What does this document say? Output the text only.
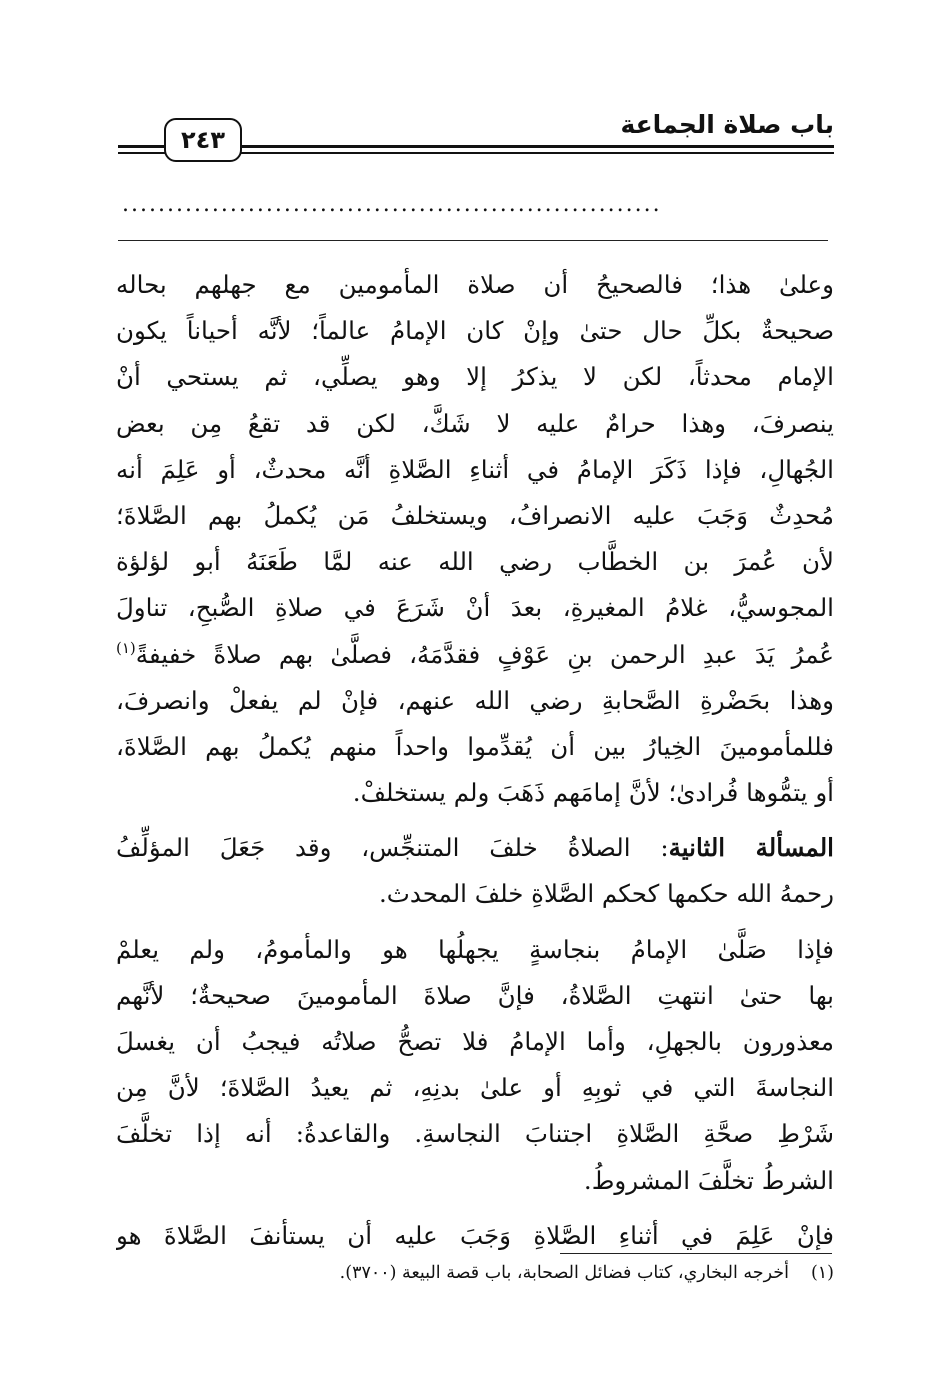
باب صلاة الجماعة
٢٤٣
............................................................
وعلىٰ هذا؛ فالصحيحُ أن صلاة المأمومين مع جهلهم بحاله
صحيحةٌ بكلِّ حال حتىٰ وإنْ كان الإمامُ عالماً؛ لأنَّه أحياناً يكون
الإمام محدثاً، لكن لا يذكرُ إلا وهو يصلِّي، ثم يستحي أنْ
ينصرفَ، وهذا حرامٌ عليه لا شَكَّ، لكن قد تقعُ مِن بعض
الجُهالِ، فإذا ذَكَرَ الإمامُ في أثناءِ الصَّلاةِ أنَّه محدثٌ، أو عَلِمَ أنه
مُحدِثٌ وَجَبَ عليه الانصرافُ، ويستخلفُ مَن يُكملُ بهم الصَّلاةَ؛
لأن عُمرَ بن الخطَّاب رضي الله عنه لمَّا طَعَنَهُ أبو لؤلؤة
المجوسيُّ، غلامُ المغيرةِ، بعدَ أنْ شَرَعَ في صلاةِ الصُّبحِ، تناولَ
عُمرُ يَدَ عبدِ الرحمن بنِ عَوْفٍ فقدَّمَهُ، فصلَّىٰ بهم صلاةً خفيفةً$^{(١)}$
وهذا بحَضْرةِ الصَّحابةِ رضي الله عنهم، فإنْ لم يفعلْ وانصرفَ،
فللمأمومينَ الخِيارُ بين أن يُقدِّموا واحداً منهم يُكملُ بهم الصَّلاةَ،
أو يتمُّوها فُرادىٰ؛ لأنَّ إمامَهم ذَهَبَ ولم يستخلفْ.
المسألة الثانية: الصلاةُ خلفَ المتنجِّس، وقد جَعَلَ المؤلِّفُ
رحمهُ الله حكمها كحكم الصَّلاةِ خلفَ المحدث.
فإذا صَلَّىٰ الإمامُ بنجاسةٍ يجهلُها هو والمأمومُ، ولم يعلمْ
بها حتىٰ انتهتِ الصَّلاةُ، فإنَّ صلاةَ المأمومينَ صحيحةٌ؛ لأنَّهم
معذورون بالجهلِ، وأما الإمامُ فلا تصحُّ صلاتُه فيجبُ أن يغسلَ
النجاسةَ التي في ثوبِهِ أو علىٰ بدنِهِ، ثم يعيدُ الصَّلاةَ؛ لأنَّ مِن
شَرْطِ صحَّةِ الصَّلاةِ اجتنابَ النجاسةِ. والقاعدةُ: أنه إذا تخلَّفَ
الشرطُ تخلَّفَ المشروطُ.
فإنْ عَلِمَ في أثناءِ الصَّلاةِ وَجَبَ عليه أن يستأنفَ الصَّلاةَ هو
(١)أخرجه البخاري، كتاب فضائل الصحابة، باب قصة البيعة (٣٧٠٠).
